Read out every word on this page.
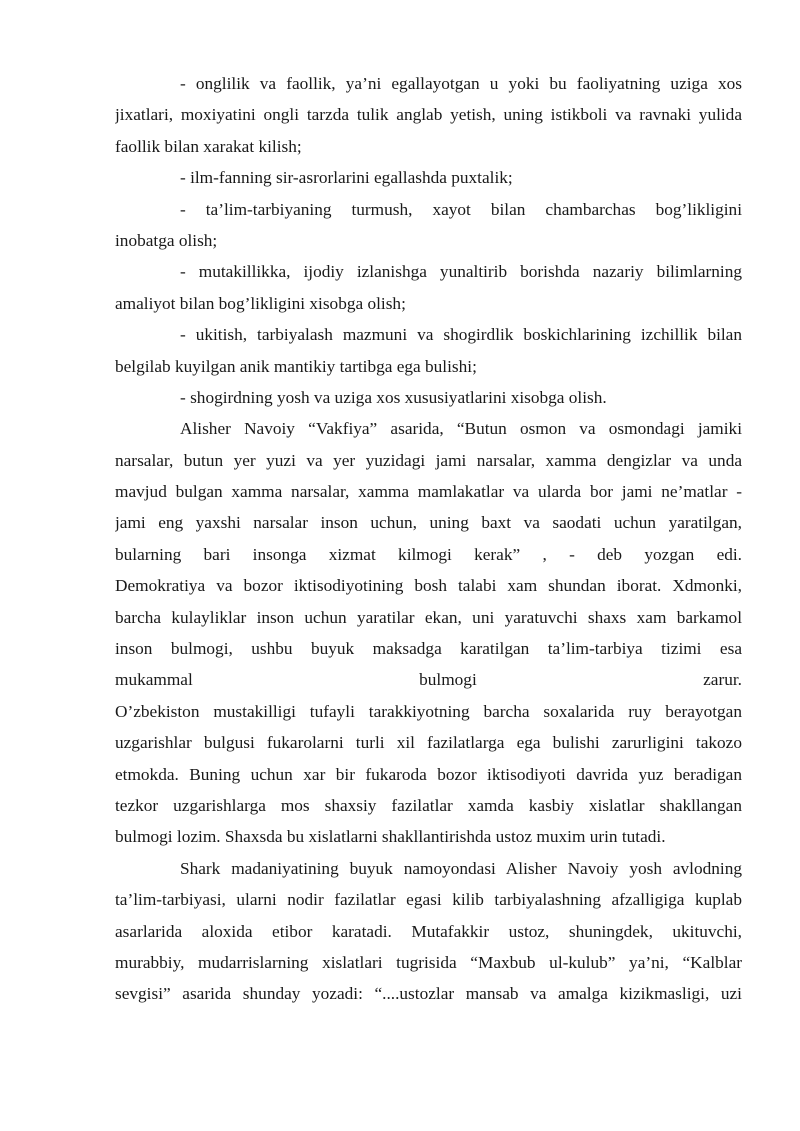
- onglilik va faollik, ya’ni egallayotgan u yoki bu faoliyatning uziga xos
jixatlari, moxiyatini ongli tarzda tulik anglab yetish, uning istikboli va ravnaki yulida
faollik bilan xarakat kilish;
- ilm-fanning sir-asrorlarini egallashda puxtalik;
- ta’lim-tarbiyaning turmush, xayot bilan chambarchas bog’likligini
inobatga olish;
- mutakillikka, ijodiy izlanishga yunaltirib borishda nazariy bilimlarning
amaliyot bilan bog’likligini xisobga olish;
- ukitish, tarbiyalash mazmuni va shogirdlik boskichlarining izchillik bilan
belgilab kuyilgan anik mantikiy tartibga ega bulishi;
- shogirdning yosh va uziga xos xususiyatlarini xisobga olish.
Alisher Navoiy “Vakfiya” asarida, “Butun osmon va osmondagi jamiki
narsalar, butun yer yuzi va yer yuzidagi jami narsalar, xamma dengizlar va unda
mavjud bulgan xamma narsalar, xamma mamlakatlar va ularda bor jami ne’matlar -
jami eng yaxshi narsalar inson uchun, uning baxt va saodati uchun yaratilgan,
bularning bari insonga xizmat kilmogi kerak” , - deb yozgan edi.
Demokratiya va bozor iktisodiyotining bosh talabi xam shundan iborat. Xdmonki,
barcha kulayliklar inson uchun yaratilar ekan, uni yaratuvchi shaxs xam barkamol
inson bulmogi, ushbu buyuk maksadga karatilgan ta’lim-tarbiya tizimi esa
mukammal bulmogi zarur.
O’zbekiston mustakilligi tufayli tarakkiyotning barcha soxalarida ruy berayotgan
uzgarishlar bulgusi fukarolarni turli xil fazilatlarga ega bulishi zarurligini takozo
etmokda. Buning uchun xar bir fukaroda bozor iktisodiyoti davrida yuz beradigan
tezkor uzgarishlarga mos shaxsiy fazilatlar xamda kasbiy xislatlar shakllangan
bulmogi lozim. Shaxsda bu xislatlarni shakllantirishda ustoz muxim urin tutadi.
Shark madaniyatining buyuk namoyondasi Alisher Navoiy yosh avlodning
ta’lim-tarbiyasi, ularni nodir fazilatlar egasi kilib tarbiyalashning afzalligiga kuplab
asarlarida aloxida etibor karatadi. Mutafakkir ustoz, shuningdek, ukituvchi,
murabbiy, mudarrislarning xislatlari tugrisida “Maxbub ul-kulub” ya’ni, “Kalblar
sevgisi” asarida shunday yozadi: “....ustozlar mansab va amalga kizikmasligi, uzi
